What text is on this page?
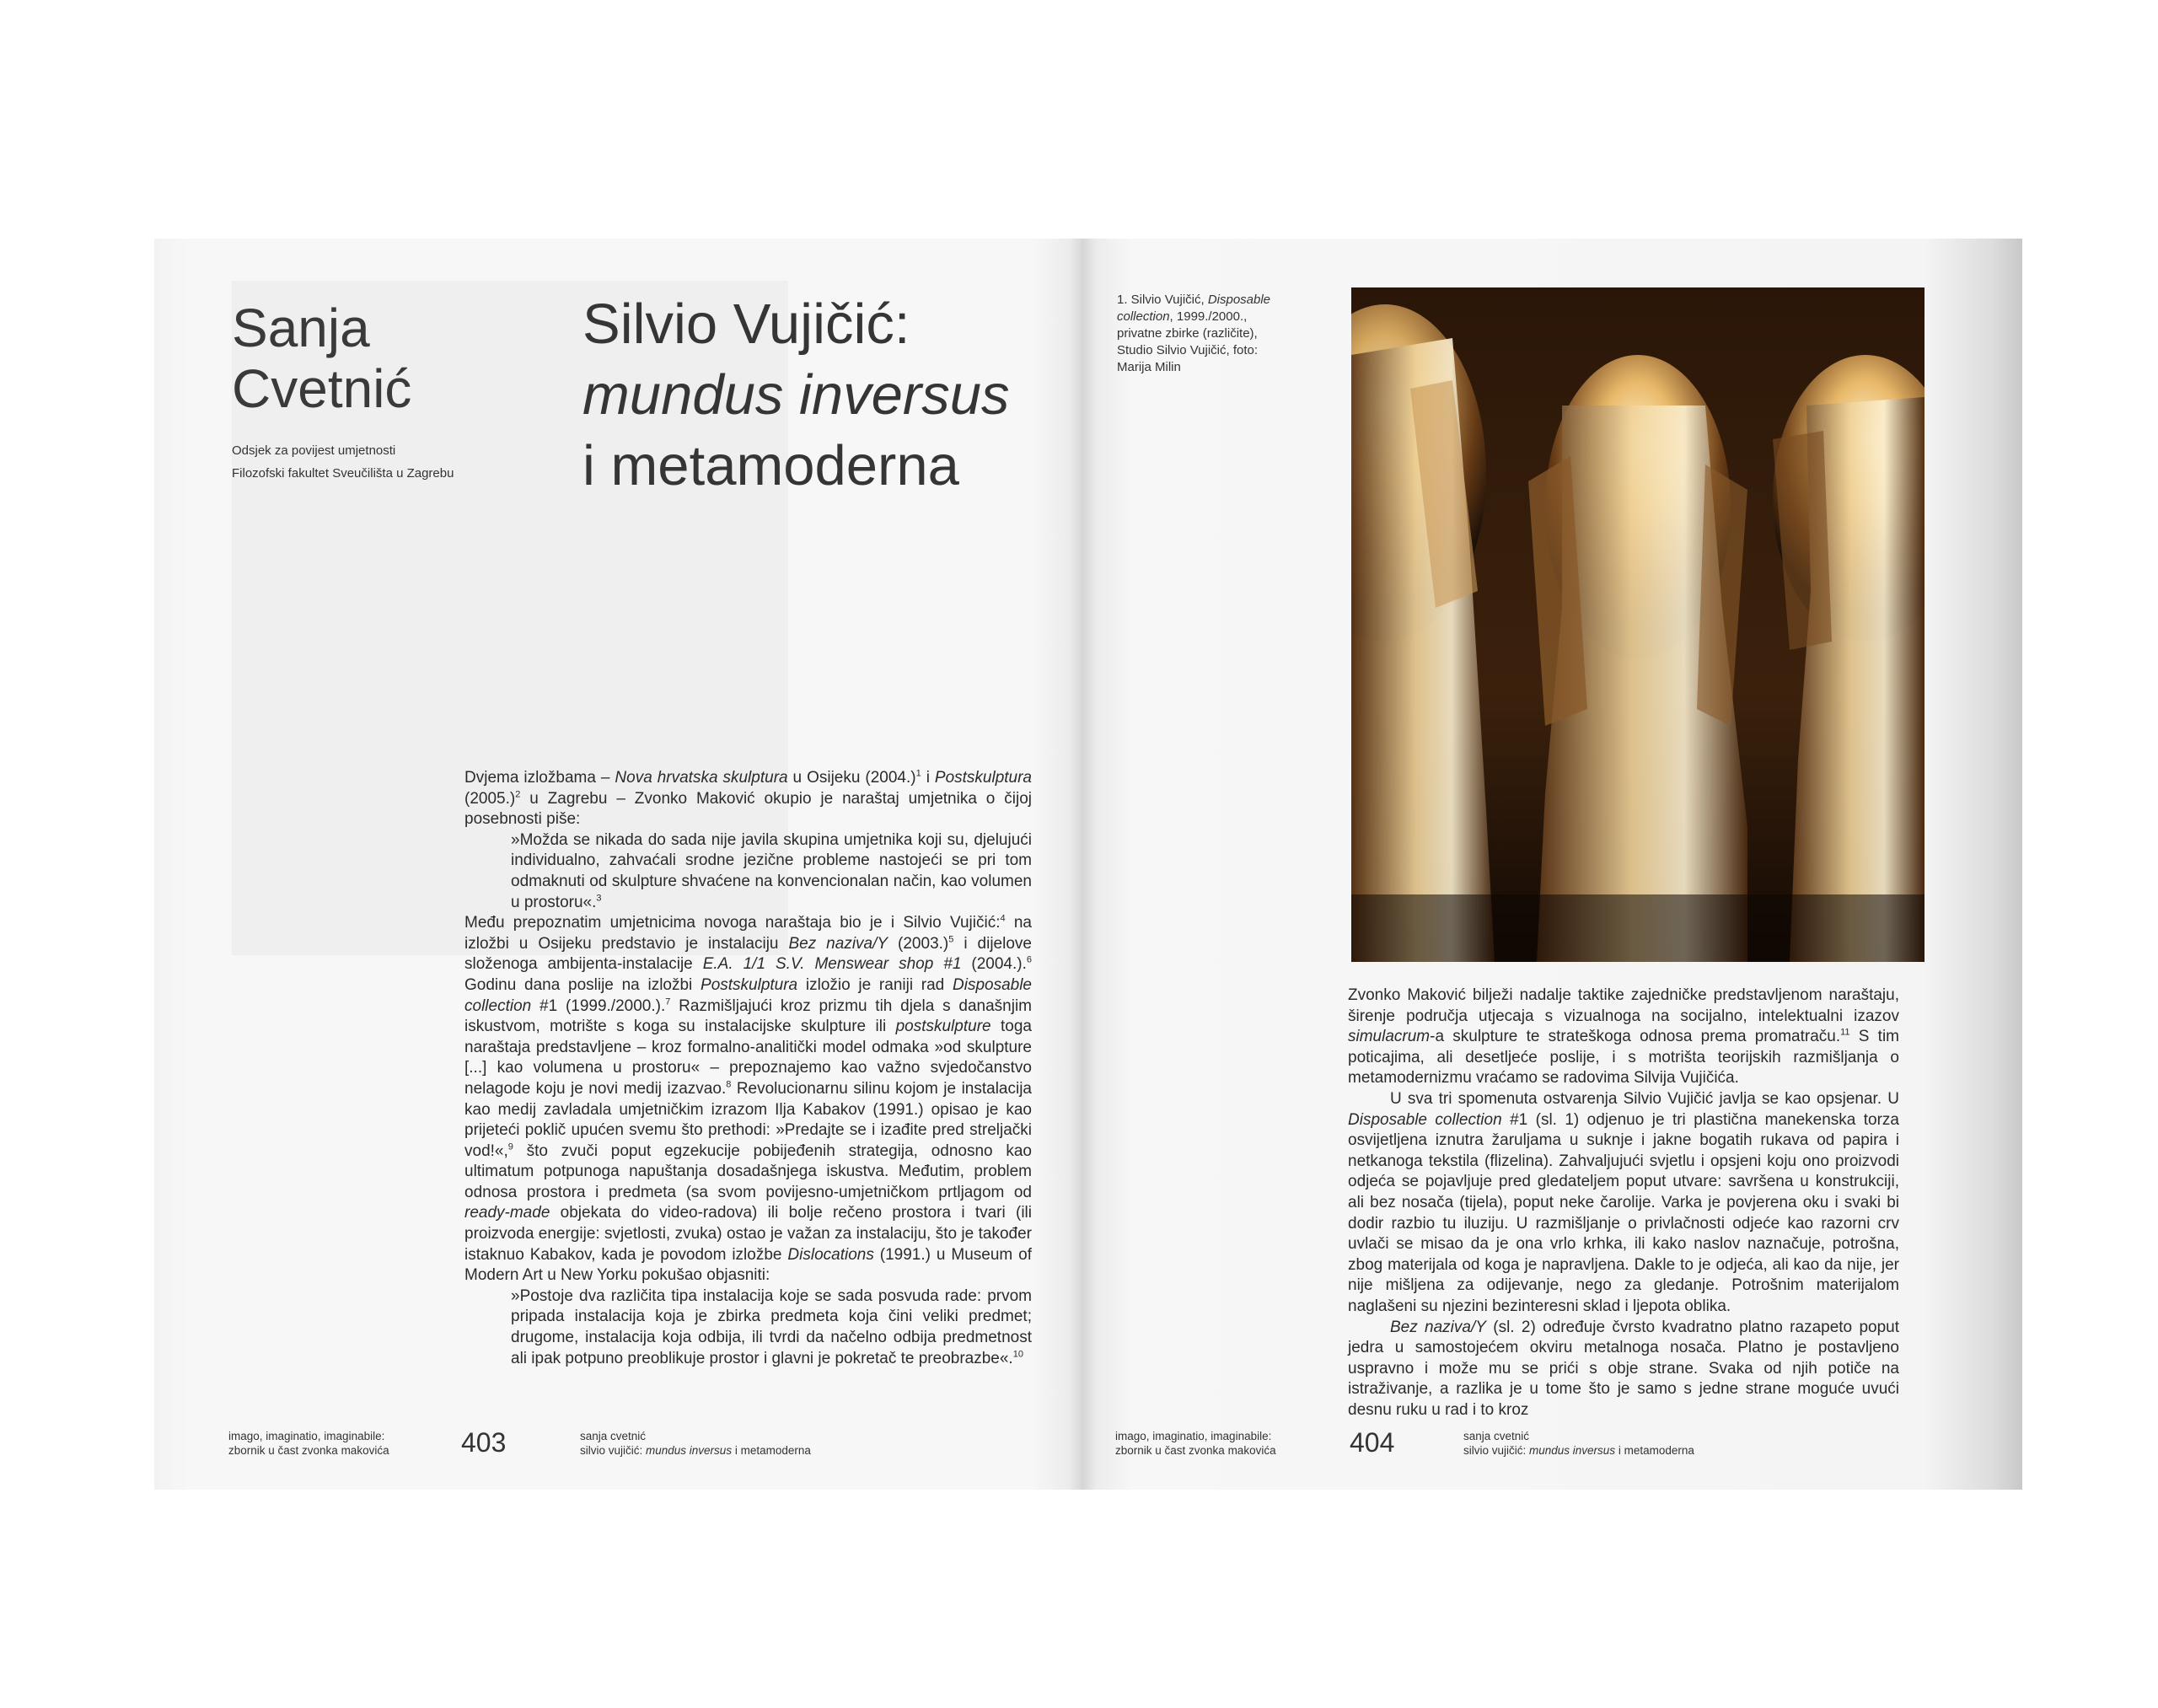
Sanja
Cvetnić
Odsjek za povijest umjetnosti
Filozofski fakultet Sveučilišta u Zagrebu
Silvio Vujičić:
mundus inversus
i metamoderna

Dvjema izložbama – Nova hrvatska skulptura u Osijeku $(2004.)^1$ i Postskulptura $(2005.)^2$ u Zagrebu – Zvonko Maković okupio je naraštaj umjetnika o čijoj posebnosti piše:

»Možda se nikada do sada nije javila skupina umjetnika koji su, djelujući individualno, zahvaćali srodne jezične probleme nastojeći se pri tom odmaknuti od skulpture shvaćene na konvencionalan način, kao volumen u prostoru«.$^3$

Među prepoznatim umjetnicima novoga naraštaja bio je i Silvio Vujičić:$^4$ na izložbi u Osijeku predstavio je instalaciju Bez naziva/Y $(2003.)^5$ i dijelove složenoga ambijenta-instalacije E.A. 1/1 S.V. Menswear shop #1 (2004.).$^6$ Godinu dana poslije na izložbi Postskulptura izložio je raniji rad Disposable collection #1 (1999./2000.).$^7$ Razmišljajući kroz prizmu tih djela s današnjim iskustvom, motrište s koga su instalacijske skulpture ili postskulpture toga naraštaja predstavljene – kroz formalno-analitički model odmaka »od skulpture [...] kao volumena u prostoru« – prepoznajemo kao važno svjedočanstvo nelagode koju je novi medij izazvao.$^8$ Revolucionarnu silinu kojom je instalacija kao medij zavladala umjetničkim izrazom Ilja Kabakov (1991.) opisao je kao prijeteći poklič upućen svemu što prethodi: »Predajte se i izađite pred streljački vod!«,$^9$ što zvuči poput egzekucije pobijeđenih strategija, odnosno kao ultimatum potpunoga napuštanja dosadašnjega iskustva. Međutim, problem odnosa prostora i predmeta (sa svom povijesno-umjetničkom prtljagom od ready-made objekata do video-radova) ili bolje rečeno prostora i tvari (ili proizvoda energije: svjetlosti, zvuka) ostao je važan za instalaciju, što je također istaknuo Kabakov, kada je povodom izložbe Dislocations (1991.) u Museum of Modern Art u New Yorku pokušao objasniti:

»Postoje dva različita tipa instalacija koje se sada posvuda rade: prvom pripada instalacija koja je zbirka predmeta koja čini veliki predmet; drugome, instalacija koja odbija, ili tvrdi da načelno odbija predmetnost ali ipak potpuno preoblikuje prostor i glavni je pokretač te preobrazbe«.$^{10}$

imago, imaginatio, imaginabile:
zbornik u čast zvonka makovića	403	sanja cvetnić
silvio vujičić: mundus inversus i metamoderna
1. Silvio Vujičić, Disposable collection, 1999./2000., privatne zbirke (različite), Studio Silvio Vujičić, foto: Marija Milin

Zvonko Maković bilježi nadalje taktike zajedničke predstavljenom naraštaju, širenje područja utjecaja s vizualnoga na socijalno, intelektualni izazov simulacrum-a skulpture te strateškoga odnosa prema promatraču.$^{11}$ S tim poticajima, ali desetljeće poslije, i s motrišta teorijskih razmišljanja o metamodernizmu vraćamo se radovima Silvija Vujičića.

U sva tri spomenuta ostvarenja Silvio Vujičić javlja se kao opsjenar. U Disposable collection #1 (sl. 1) odjenuo je tri plastična manekenska torza osvijetljena iznutra žaruljama u suknje i jakne bogatih rukava od papira i netkanoga tekstila (flizelina). Zahvaljujući svjetlu i opsjeni koju ono proizvodi odjeća se pojavljuje pred gledateljem poput utvare: savršena u konstrukciji, ali bez nosača (tijela), poput neke čarolije. Varka je povjerena oku i svaki bi dodir razbio tu iluziju. U razmišljanje o privlačnosti odjeće kao razorni crv uvlači se misao da je ona vrlo krhka, ili kako naslov naznačuje, potrošna, zbog materijala od koga je napravljena. Dakle to je odjeća, ali kao da nije, jer nije mišljena za odijevanje, nego za gledanje. Potrošnim materijalom naglašeni su njezini bezinteresni sklad i ljepota oblika.

Bez naziva/Y (sl. 2) određuje čvrsto kvadratno platno razapeto poput jedra u samostojećem okviru metalnoga nosača. Platno je postavljeno uspravno i može mu se prići s obje strane. Svaka od njih potiče na istraživanje, a razlika je u tome što je samo s jedne strane moguće uvući desnu ruku u rad i to kroz

imago, imaginatio, imaginabile:
zbornik u čast zvonka makovića	404	sanja cvetnić
silvio vujičić: mundus inversus i metamoderna
